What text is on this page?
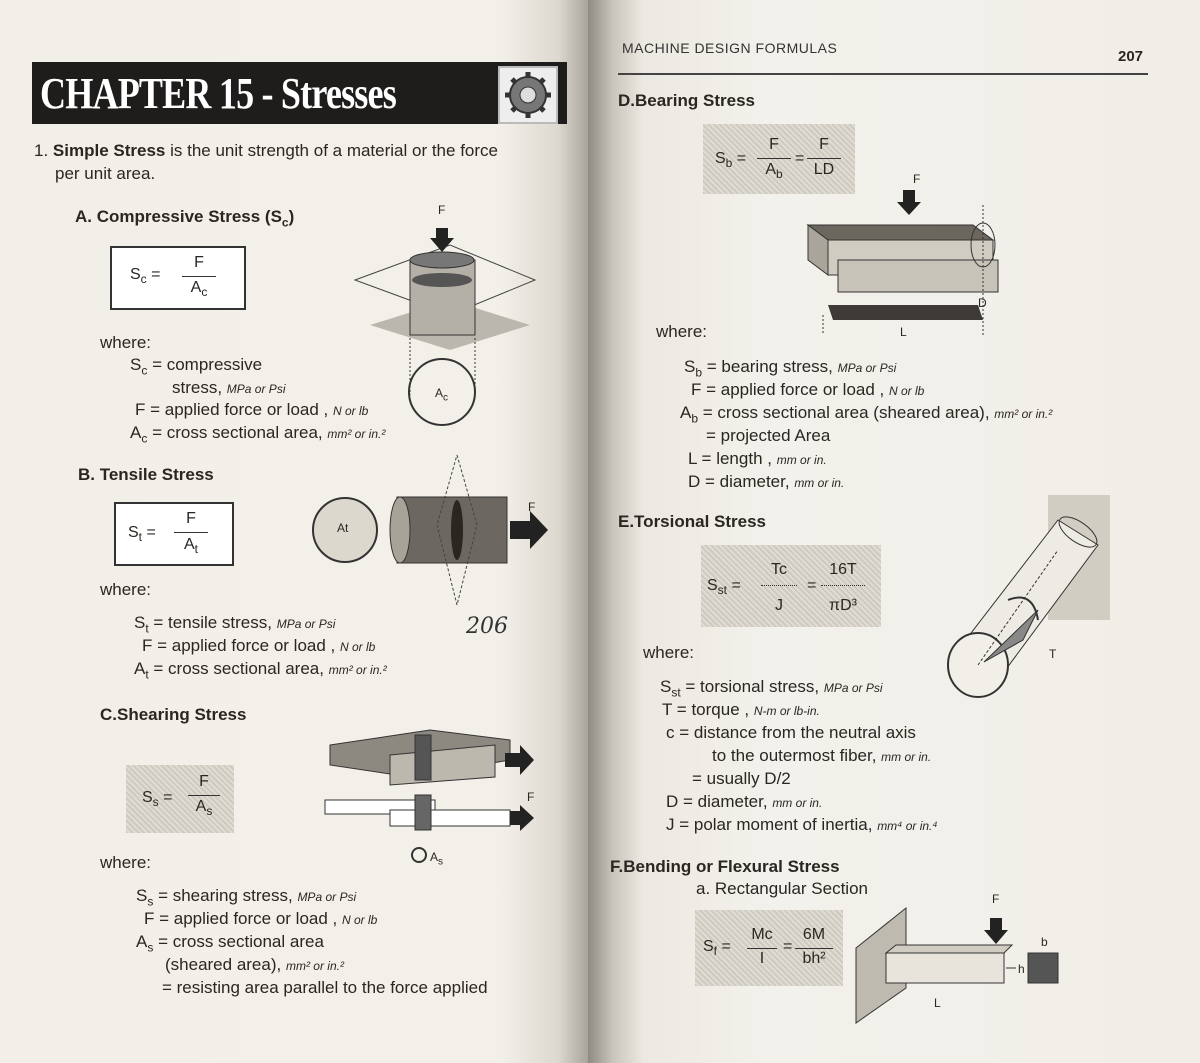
CHAPTER 15 - Stresses
1. Simple Stress is the unit strength of a material or the force
per unit area.
A. Compressive Stress $(S_c)$
$S_c$ =
F
$A_c$
where:
$S_c$ = compressive
stress, MPa or Psi
F = applied force or load , N or lb
$A_c$ = cross sectional area, mm² or in.²
F
$A_c$
B. Tensile Stress
$S_t$ =
F
$A_t$
where:
$S_t$ = tensile stress, MPa or Psi
F = applied force or load , N or lb
$A_t$ = cross sectional area, mm² or in.²
206
At
F
C.Shearing Stress
$S_s$ =
F
$A_s$
where:
$S_s$ = shearing stress, MPa or Psi
F = applied force or load , N or lb
$A_s$ = cross sectional area
(sheared area), mm² or in.²
= resisting area parallel to the force applied
F
$A_s$
MACHINE DESIGN FORMULAS	207
D.Bearing Stress
$S_b$ =
F
$A_b$
=
F
LD
where:
$S_b$ = bearing stress, MPa or Psi
F = applied force or load , N or lb
$A_b$ = cross sectional area (sheared area), mm² or in.²
= projected Area
L = length , mm or in.
D = diameter, mm or in.
F
L
D
E.Torsional Stress
$S_{st}$ =
Tc
J
=
16T
πD³
where:
$S_{st}$ = torsional stress, MPa or Psi
T = torque , N-m or lb-in.
c = distance from the neutral axis
to the outermost fiber, mm or in.
= usually D/2
D = diameter, mm or in.
J = polar moment of inertia, mm⁴ or in.⁴
T
F.Bending or Flexural Stress
a. Rectangular Section
$S_f$ =
Mc
I
=
6M
bh²
F
b
h
L
